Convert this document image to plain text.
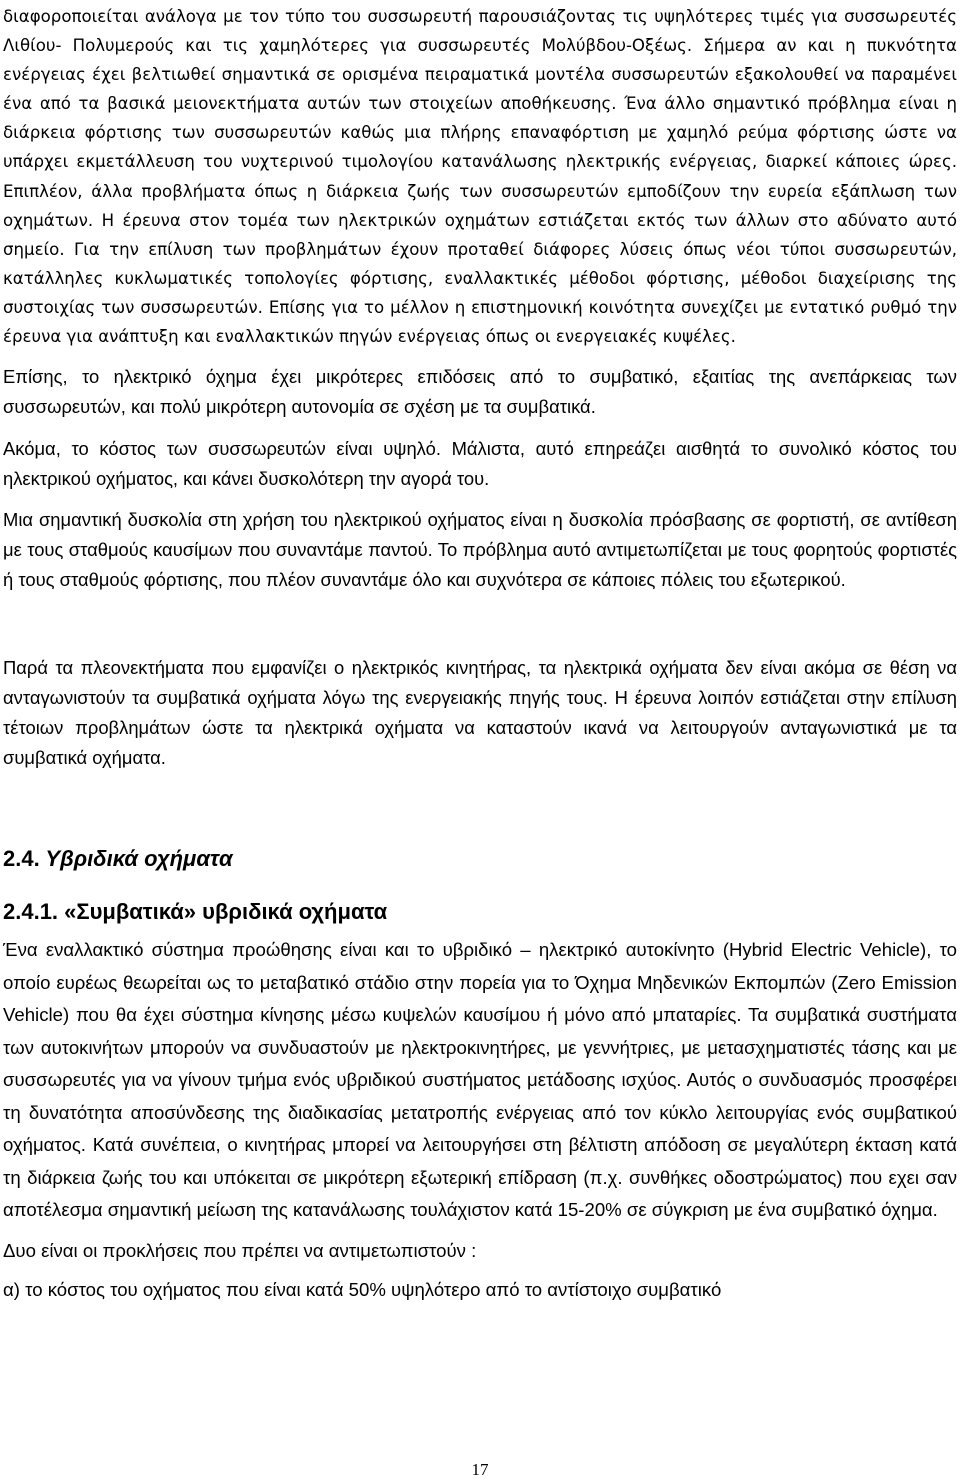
διαφοροποιείται ανάλογα με τον τύπο του συσσωρευτή παρουσιάζοντας τις υψηλότερες τιμές για συσσωρευτές Λιθίου- Πολυμερούς και τις χαμηλότερες για συσσωρευτές Μολύβδου-Οξέως. Σήμερα αν και η πυκνότητα ενέργειας έχει βελτιωθεί σημαντικά σε ορισμένα πειραματικά μοντέλα συσσωρευτών εξακολουθεί να παραμένει ένα από τα βασικά μειονεκτήματα αυτών των στοιχείων αποθήκευσης. Ένα άλλο σημαντικό πρόβλημα είναι η διάρκεια φόρτισης των συσσωρευτών καθώς μια πλήρης επαναφόρτιση με χαμηλό ρεύμα φόρτισης ώστε να υπάρχει εκμετάλλευση του νυχτερινού τιμολογίου κατανάλωσης ηλεκτρικής ενέργειας, διαρκεί κάποιες ώρες. Επιπλέον, άλλα προβλήματα όπως η διάρκεια ζωής των συσσωρευτών εμποδίζουν την ευρεία εξάπλωση των οχημάτων. Η έρευνα στον τομέα των ηλεκτρικών οχημάτων εστιάζεται εκτός των άλλων στο αδύνατο αυτό σημείο. Για την επίλυση των προβλημάτων έχουν προταθεί διάφορες λύσεις όπως νέοι τύποι συσσωρευτών, κατάλληλες κυκλωματικές τοπολογίες φόρτισης, εναλλακτικές μέθοδοι φόρτισης, μέθοδοι διαχείρισης της συστοιχίας των συσσωρευτών. Επίσης για το μέλλον η επιστημονική κοινότητα συνεχίζει με εντατικό ρυθμό την έρευνα για ανάπτυξη και εναλλακτικών πηγών ενέργειας όπως οι ενεργειακές κυψέλες.

Επίσης, το ηλεκτρικό όχημα έχει μικρότερες επιδόσεις από το συμβατικό, εξαιτίας της ανεπάρκειας των συσσωρευτών, και πολύ μικρότερη αυτονομία σε σχέση με τα συμβατικά.

Ακόμα, το κόστος των συσσωρευτών είναι υψηλό. Μάλιστα, αυτό επηρεάζει αισθητά το συνολικό κόστος του ηλεκτρικού οχήματος, και κάνει δυσκολότερη την αγορά του.

Μια σημαντική δυσκολία στη χρήση του ηλεκτρικού οχήματος είναι η δυσκολία πρόσβασης σε φορτιστή, σε αντίθεση με τους σταθμούς καυσίμων που συναντάμε παντού. Το πρόβλημα αυτό αντιμετωπίζεται με τους φορητούς φορτιστές ή τους σταθμούς φόρτισης, που πλέον συναντάμε όλο και συχνότερα σε κάποιες πόλεις του εξωτερικού.

Παρά τα πλεονεκτήματα που εμφανίζει ο ηλεκτρικός κινητήρας, τα ηλεκτρικά οχήματα δεν είναι ακόμα σε θέση να ανταγωνιστούν τα συμβατικά οχήματα λόγω της ενεργειακής πηγής τους. Η έρευνα λοιπόν εστιάζεται στην επίλυση τέτοιων προβλημάτων ώστε τα ηλεκτρικά οχήματα να καταστούν ικανά να λειτουργούν ανταγωνιστικά με τα συμβατικά οχήματα.

2.4. Υβριδικά οχήματα
2.4.1. «Συμβατικά» υβριδικά οχήματα

Ένα εναλλακτικό σύστημα προώθησης είναι και το υβριδικό – ηλεκτρικό αυτοκίνητο (Hybrid Electric Vehicle), το οποίο ευρέως θεωρείται ως το μεταβατικό στάδιο στην πορεία για το Όχημα Μηδενικών Εκπομπών (Zero Emission Vehicle) που θα έχει σύστημα κίνησης μέσω κυψελών καυσίμου ή μόνο από μπαταρίες. Τα συμβατικά συστήματα των αυτοκινήτων μπορούν να συνδυαστούν με ηλεκτροκινητήρες, με γεννήτριες, με μετασχηματιστές τάσης και με συσσωρευτές για να γίνουν τμήμα ενός υβριδικού συστήματος μετάδοσης ισχύος. Αυτός ο συνδυασμός προσφέρει τη δυνατότητα αποσύνδεσης της διαδικασίας μετατροπής ενέργειας από τον κύκλο λειτουργίας ενός συμβατικού οχήματος. Κατά συνέπεια, ο κινητήρας μπορεί να λειτουργήσει στη βέλτιστη απόδοση σε μεγαλύτερη έκταση κατά τη διάρκεια ζωής του και υπόκειται σε μικρότερη εξωτερική επίδραση (π.χ. συνθήκες οδοστρώματος) που εχει σαν αποτέλεσμα σημαντική μείωση της κατανάλωσης τουλάχιστον κατά 15-20% σε σύγκριση με ένα συμβατικό όχημα.

Δυο είναι οι προκλήσεις που πρέπει να αντιμετωπιστούν :

α) το κόστος του οχήματος που είναι κατά 50% υψηλότερο από το αντίστοιχο συμβατικό

17
